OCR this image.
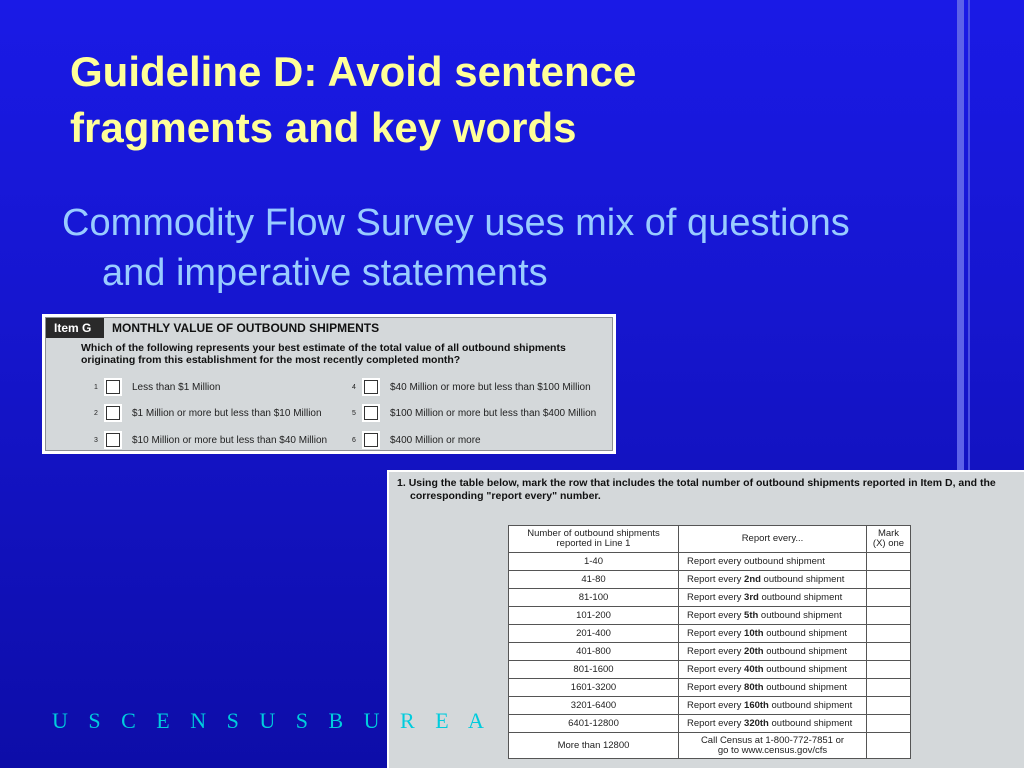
Guideline D: Avoid sentence
fragments and key words
Commodity Flow Survey uses mix of questions and imperative statements
Item G	MONTHLY VALUE OF OUTBOUND SHIPMENTS
Which of the following represents your best estimate of the total value of all outbound shipments originating from this establishment for the most recently completed month?
1	Less than $1 Million
2	$1 Million or more but less than $10 Million
3	$10 Million or more but less than $40 Million
4	$40 Million or more but less than $100 Million
5	$100 Million or more but less than $400 Million
6	$400 Million or more
1. Using the table below, mark the row that includes the total number of outbound shipments reported in Item D, and the corresponding "report every" number.
Number of outbound shipments reported in Line 1	Report every...	Mark (X) one
1-40	Report every outbound shipment	
41-80	Report every 2nd outbound shipment	
81-100	Report every 3rd outbound shipment	
101-200	Report every 5th outbound shipment	
201-400	Report every 10th outbound shipment	
401-800	Report every 20th outbound shipment	
801-1600	Report every 40th outbound shipment	
1601-3200	Report every 80th outbound shipment	
3201-6400	Report every 160th outbound shipment	
6401-12800	Report every 320th outbound shipment	
More than 12800	Call Census at 1-800-772-7851 or
go to www.census.gov/cfs	

U S C E N S U S B U R E A
